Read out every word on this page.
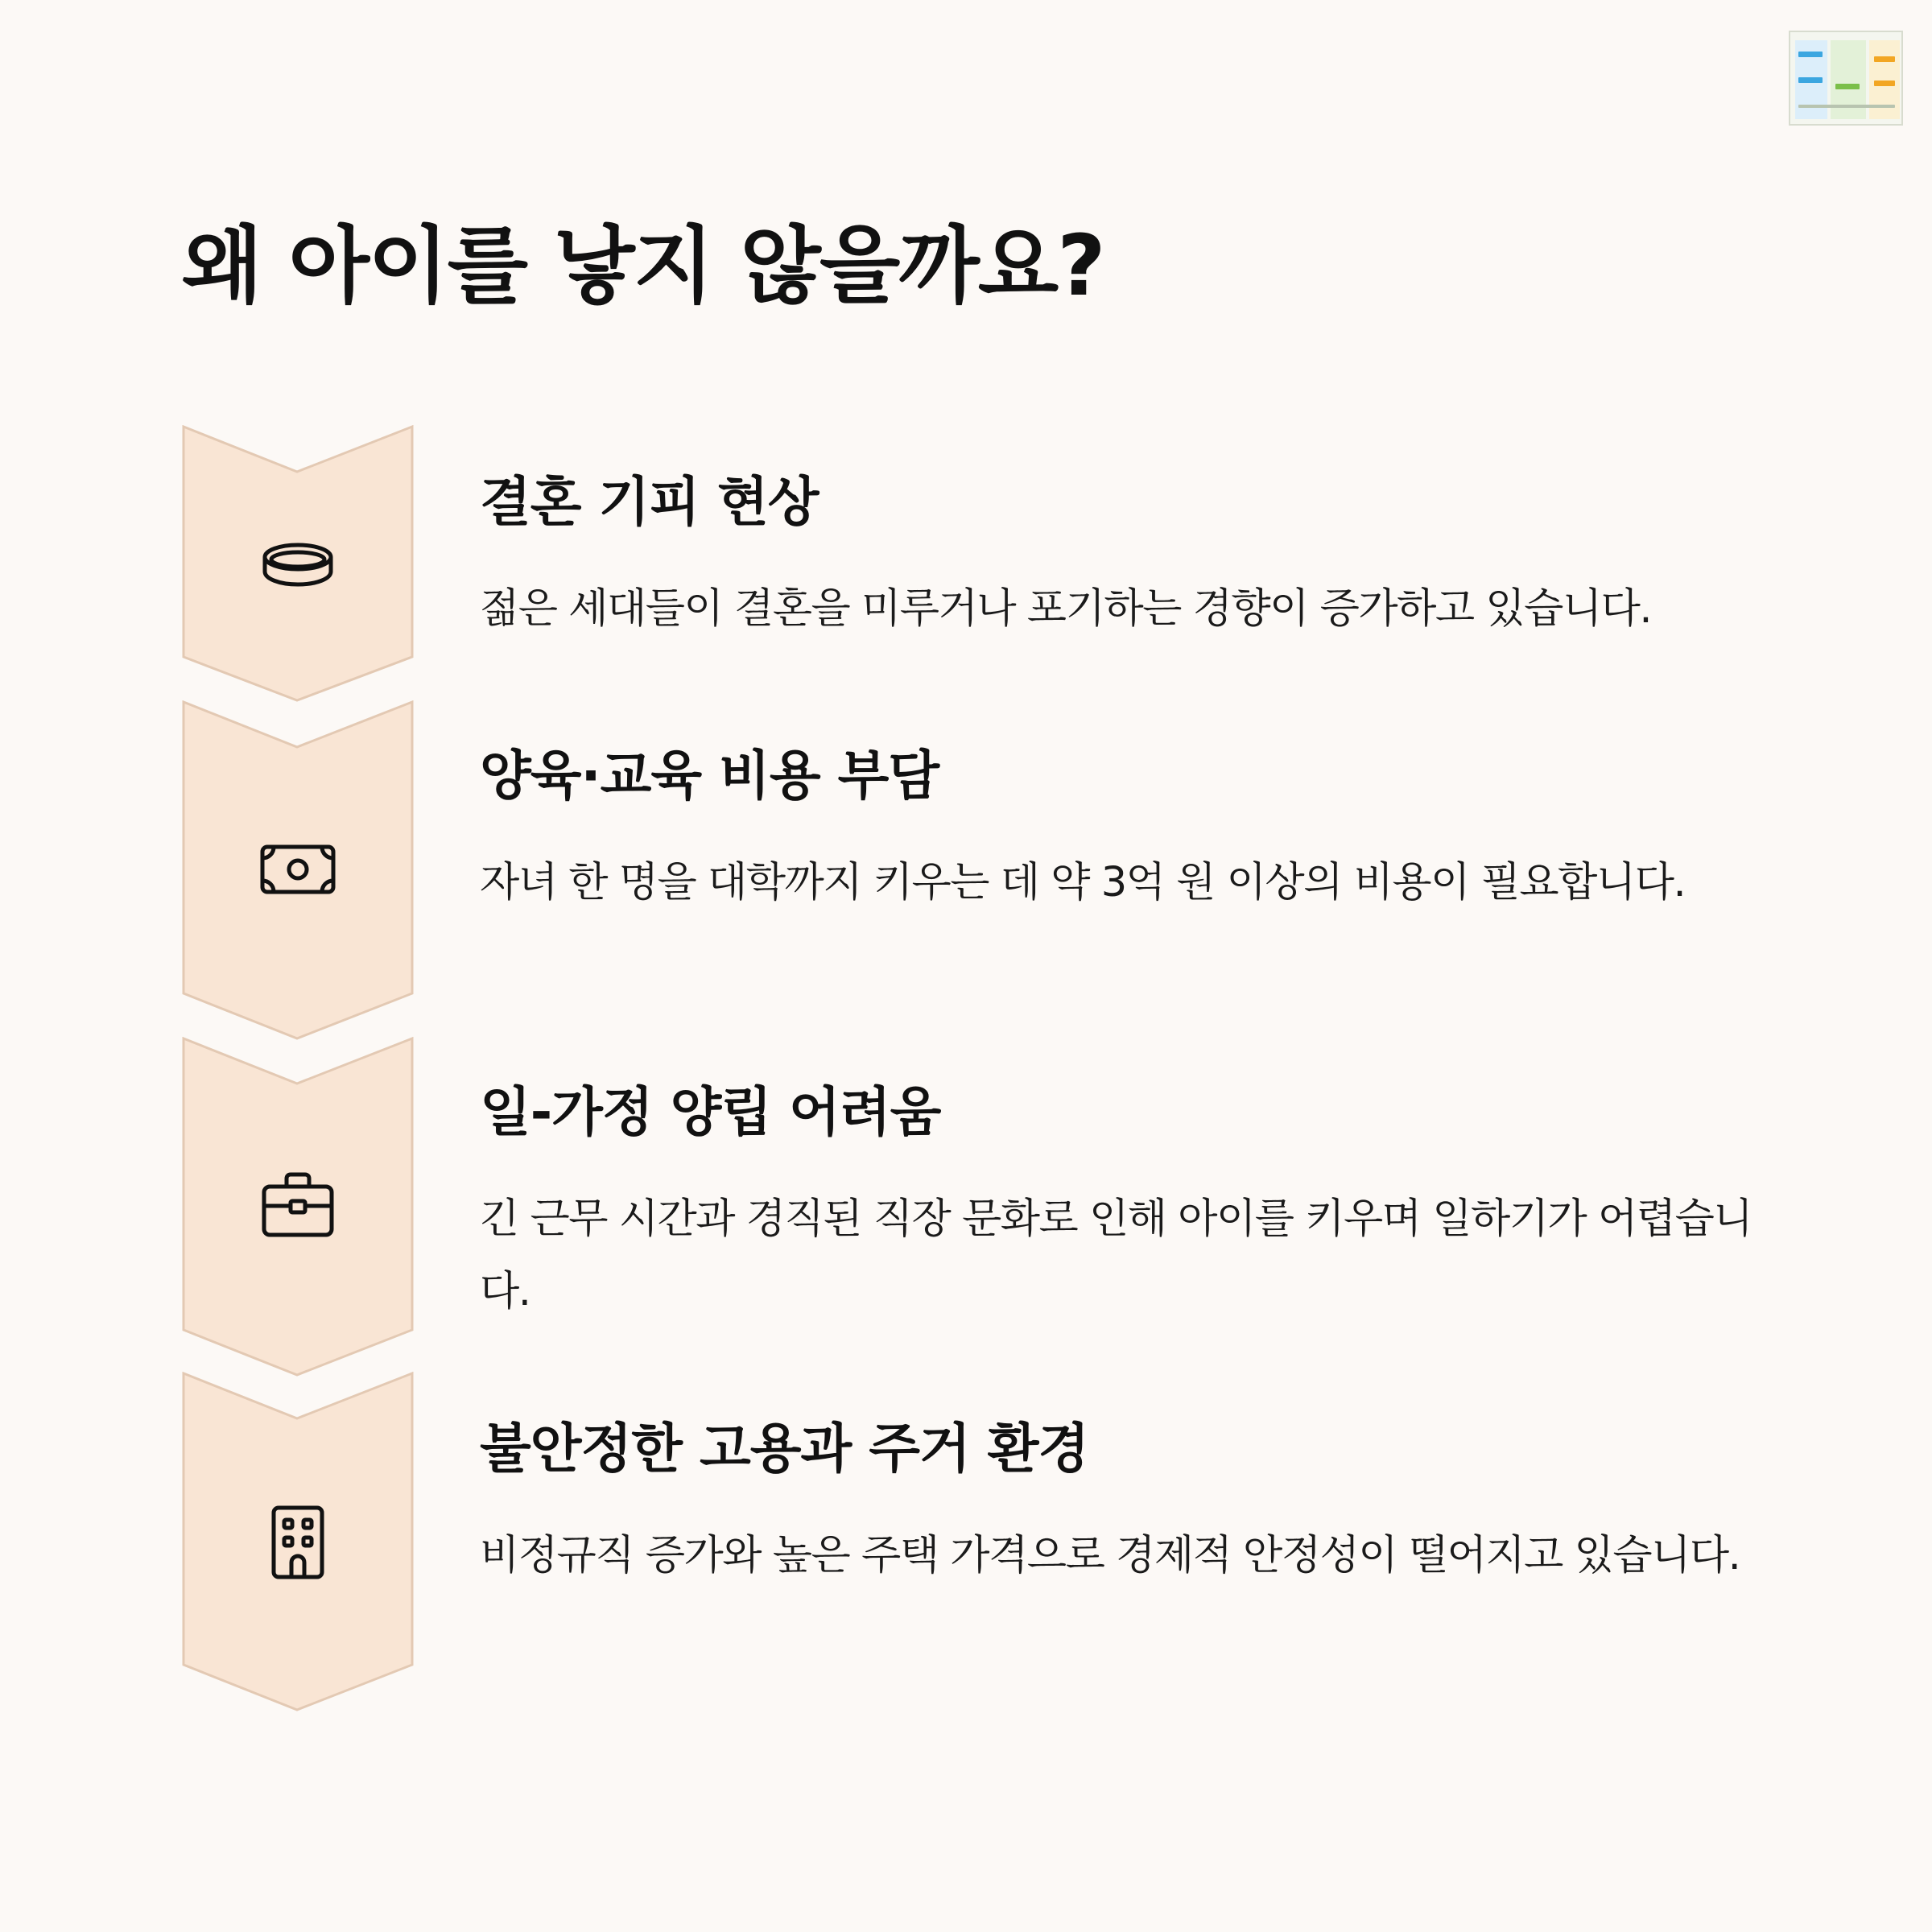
왜 아이를 낳지 않을까요?
결혼 기피 현상

젊은 세대들이 결혼을 미루거나 포기하는 경향이 증가하고 있습니다.

양육·교육 비용 부담

자녀 한 명을 대학까지 키우는 데 약 3억 원 이상의 비용이 필요합니다.

일-가정 양립 어려움

긴 근무 시간과 경직된 직장 문화로 인해 아이를 키우며 일하기가 어렵습니다.

불안정한 고용과 주거 환경

비정규직 증가와 높은 주택 가격으로 경제적 안정성이 떨어지고 있습니다.
